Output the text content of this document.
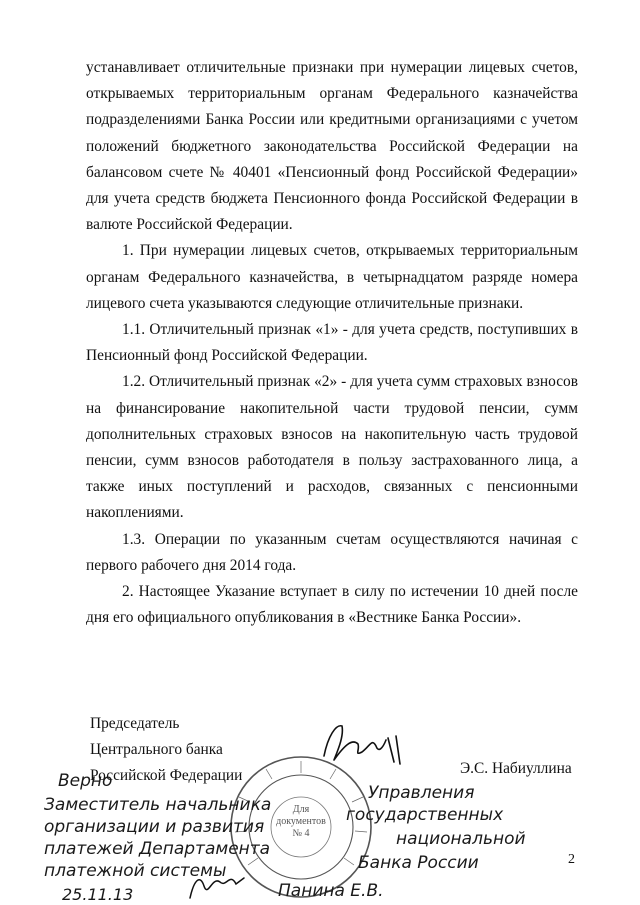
устанавливает отличительные признаки при нумерации лицевых счетов, открываемых территориальным органам Федерального казначейства подразделениями Банка России или кредитными организациями с учетом положений бюджетного законодательства Российской Федерации на балансовом счете № 40401 «Пенсионный фонд Российской Федерации» для учета средств бюджета Пенсионного фонда Российской Федерации в валюте Российской Федерации.

1. При нумерации лицевых счетов, открываемых территориальным органам Федерального казначейства, в четырнадцатом разряде номера лицевого счета указываются следующие отличительные признаки.

1.1. Отличительный признак «1» - для учета средств, поступивших в Пенсионный фонд Российской Федерации.

1.2. Отличительный признак «2» - для учета сумм страховых взносов на финансирование накопительной части трудовой пенсии, сумм дополнительных страховых взносов на накопительную часть трудовой пенсии, сумм взносов работодателя в пользу застрахованного лица, а также иных поступлений и расходов, связанных с пенсионными накоплениями.

1.3. Операции по указанным счетам осуществляются начиная с первого рабочего дня 2014 года.

2. Настоящее Указание вступает в силу по истечении 10 дней после дня его официального опубликования в «Вестнике Банка России».

Председатель
Центрального банка
Российской Федерации	Э.С. Набиуллина
Для
документов
№ 4
Верно
Заместитель начальника
Управления
организации и развития
государственных
платежей Департамента	национальной
платежной системы	Банка России
25.11.13	Панина Е.В.
2
